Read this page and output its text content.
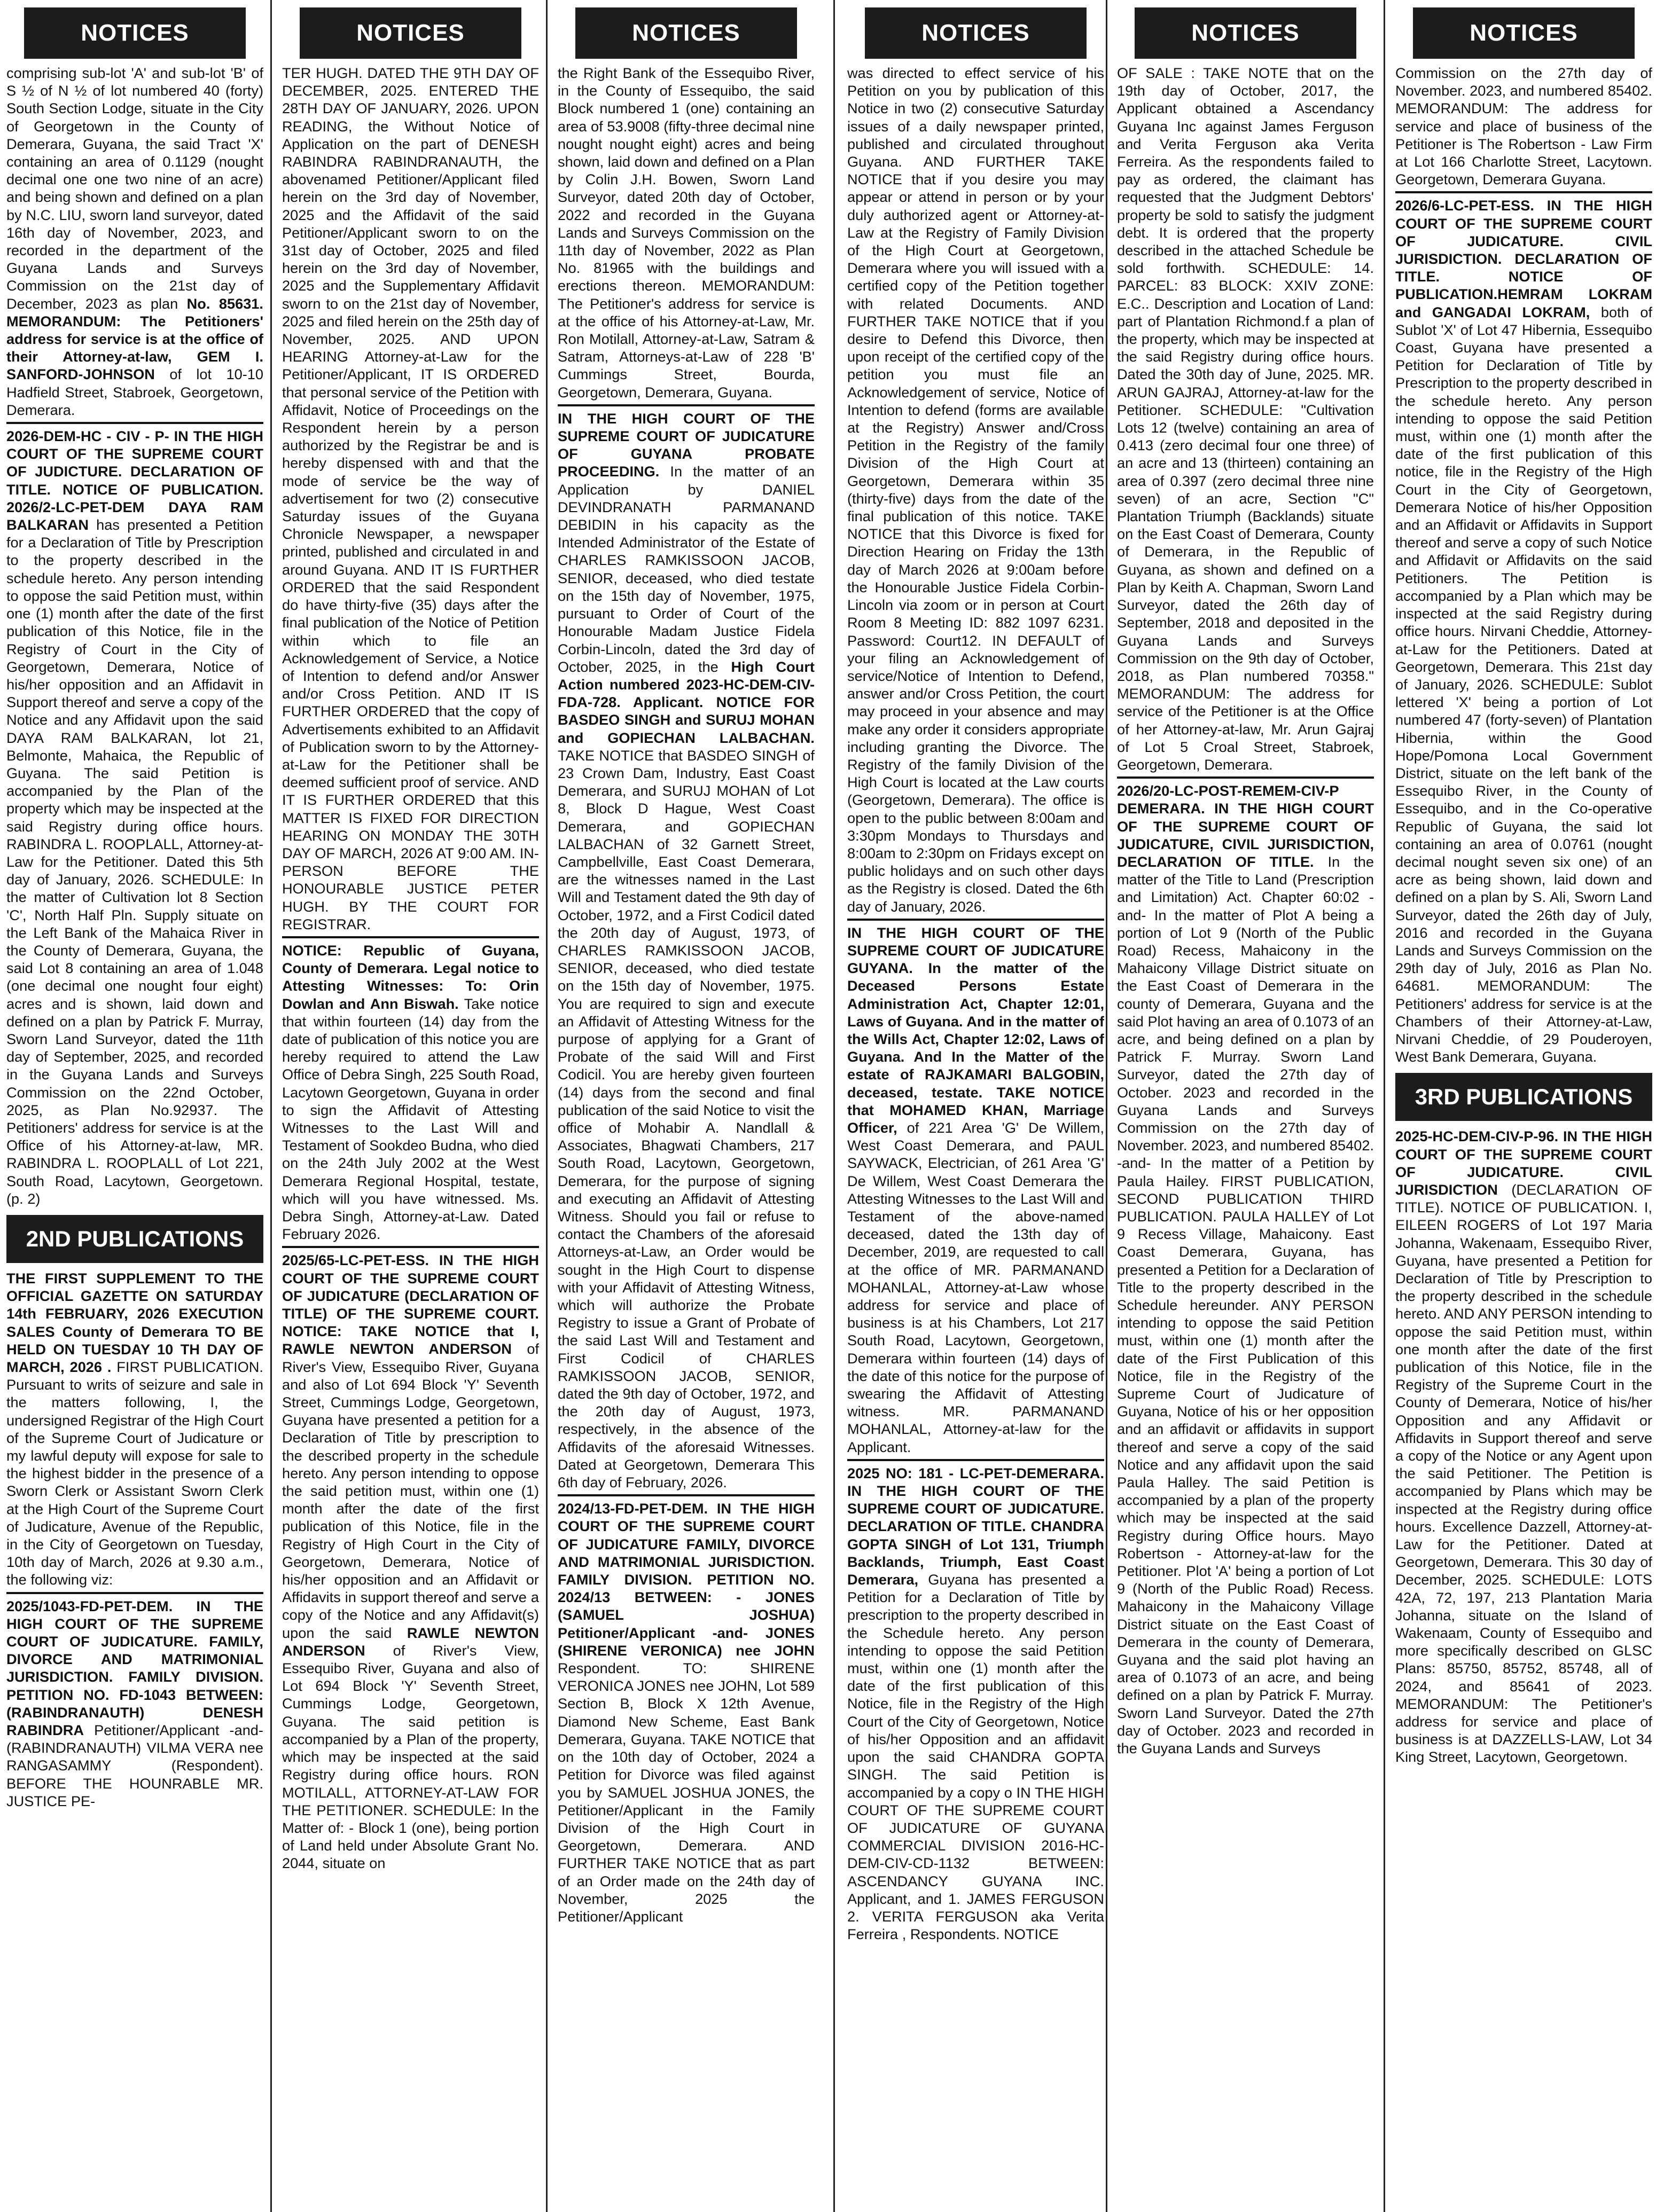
NOTICES

comprising sub-lot 'A' and sub-lot 'B' of S ½ of N ½ of lot numbered 40 (forty) South Section Lodge, situate in the City of Georgetown in the County of Demerara, Guyana, the said Tract 'X' containing an area of 0.1129 (nought decimal one one two nine of an acre) and being shown and defined on a plan by N.C. LIU, sworn land surveyor, dated 16th day of November, 2023, and recorded in the department of the Guyana Lands and Surveys Commission on the 21st day of December, 2023 as plan No. 85631. MEMORANDUM: The Petitioners' address for service is at the office of their Attorney-at-law, GEM I. SANFORD-JOHNSON of lot 10-10 Hadfield Street, Stabroek, Georgetown, Demerara.

2026-DEM-HC - CIV - P- IN THE HIGH COURT OF THE SUPREME COURT OF JUDICTURE. DECLARATION OF TITLE. NOTICE OF PUBLICATION. 2026/2-LC-PET-DEM DAYA RAM BALKARAN has presented a Petition for a Declaration of Title by Prescription to the property described in the schedule hereto. Any person intending to oppose the said Petition must, within one (1) month after the date of the first publication of this Notice, file in the Registry of Court in the City of Georgetown, Demerara, Notice of his/her opposition and an Affidavit in Support thereof and serve a copy of the Notice and any Affidavit upon the said DAYA RAM BALKARAN, lot 21, Belmonte, Mahaica, the Republic of Guyana. The said Petition is accompanied by the Plan of the property which may be inspected at the said Registry during office hours. RABINDRA L. ROOPLALL, Attorney-at-Law for the Petitioner. Dated this 5th day of January, 2026. SCHEDULE: In the matter of Cultivation lot 8 Section 'C', North Half Pln. Supply situate on the Left Bank of the Mahaica River in the County of Demerara, Guyana, the said Lot 8 containing an area of 1.048 (one decimal one nought four eight) acres and is shown, laid down and defined on a plan by Patrick F. Murray, Sworn Land Surveyor, dated the 11th day of September, 2025, and recorded in the Guyana Lands and Surveys Commission on the 22nd October, 2025, as Plan No.92937. The Petitioners' address for service is at the Office of his Attorney-at-law, MR. RABINDRA L. ROOPLALL of Lot 221, South Road, Lacytown, Georgetown. (p. 2)

2ND PUBLICATIONS

THE FIRST SUPPLEMENT TO THE OFFICIAL GAZETTE ON SATURDAY 14th FEBRUARY, 2026 EXECUTION SALES County of Demerara TO BE HELD ON TUESDAY 10 TH DAY OF MARCH, 2026 . FIRST PUBLICATION. Pursuant to writs of seizure and sale in the matters following, I, the undersigned Registrar of the High Court of the Supreme Court of Judicature or my lawful deputy will expose for sale to the highest bidder in the presence of a Sworn Clerk or Assistant Sworn Clerk at the High Court of the Supreme Court of Judicature, Avenue of the Republic, in the City of Georgetown on Tuesday, 10th day of March, 2026 at 9.30 a.m., the following viz:

2025/1043-FD-PET-DEM. IN THE HIGH COURT OF THE SUPREME COURT OF JUDICATURE. FAMILY, DIVORCE AND MATRIMONIAL JURISDICTION. FAMILY DIVISION. PETITION NO. FD-1043 BETWEEN:(RABINDRANAUTH) DENESH RABINDRA Petitioner/Applicant -and- (RABINDRANAUTH) VILMA VERA nee RANGASAMMY (Respondent). BEFORE THE HOUNRABLE MR. JUSTICE PE-

NOTICES

TER HUGH. DATED THE 9TH DAY OF DECEMBER, 2025. ENTERED THE 28TH DAY OF JANUARY, 2026. UPON READING, the Without Notice of Application on the part of DENESH RABINDRA RABINDRANAUTH, the abovenamed Petitioner/Applicant filed herein on the 3rd day of November, 2025 and the Affidavit of the said Petitioner/Applicant sworn to on the 31st day of October, 2025 and filed herein on the 3rd day of November, 2025 and the Supplementary Affidavit sworn to on the 21st day of November, 2025 and filed herein on the 25th day of November, 2025. AND UPON HEARING Attorney-at-Law for the Petitioner/Applicant, IT IS ORDERED that personal service of the Petition with Affidavit, Notice of Proceedings on the Respondent herein by a person authorized by the Registrar be and is hereby dispensed with and that the mode of service be the way of advertisement for two (2) consecutive Saturday issues of the Guyana Chronicle Newspaper, a newspaper printed, published and circulated in and around Guyana. AND IT IS FURTHER ORDERED that the said Respondent do have thirty-five (35) days after the final publication of the Notice of Petition within which to file an Acknowledgement of Service, a Notice of Intention to defend and/or Answer and/or Cross Petition. AND IT IS FURTHER ORDERED that the copy of Advertisements exhibited to an Affidavit of Publication sworn to by the Attorney-at-Law for the Petitioner shall be deemed sufficient proof of service. AND IT IS FURTHER ORDERED that this MATTER IS FIXED FOR DIRECTION HEARING ON MONDAY THE 30TH DAY OF MARCH, 2026 AT 9:00 AM. IN-PERSON BEFORE THE HONOURABLE JUSTICE PETER HUGH. BY THE COURT FOR REGISTRAR.

NOTICE: Republic of Guyana, County of Demerara. Legal notice to Attesting Witnesses: To: Orin Dowlan and Ann Biswah. Take notice that within fourteen (14) day from the date of publication of this notice you are hereby required to attend the Law Office of Debra Singh, 225 South Road, Lacytown Georgetown, Guyana in order to sign the Affidavit of Attesting Witnesses to the Last Will and Testament of Sookdeo Budna, who died on the 24th July 2002 at the West Demerara Regional Hospital, testate, which will you have witnessed. Ms. Debra Singh, Attorney-at-Law. Dated February 2026.

2025/65-LC-PET-ESS. IN THE HIGH COURT OF THE SUPREME COURT OF JUDICATURE (DECLARATION OF TITLE) OF THE SUPREME COURT. NOTICE: TAKE NOTICE that I, RAWLE NEWTON ANDERSON of River's View, Essequibo River, Guyana and also of Lot 694 Block 'Y' Seventh Street, Cummings Lodge, Georgetown, Guyana have presented a petition for a Declaration of Title by prescription to the described property in the schedule hereto. Any person intending to oppose the said petition must, within one (1) month after the date of the first publication of this Notice, file in the Registry of High Court in the City of Georgetown, Demerara, Notice of his/her opposition and an Affidavit or Affidavits in support thereof and serve a copy of the Notice and any Affidavit(s) upon the said RAWLE NEWTON ANDERSON of River's View, Essequibo River, Guyana and also of Lot 694 Block 'Y' Seventh Street, Cummings Lodge, Georgetown, Guyana. The said petition is accompanied by a Plan of the property, which may be inspected at the said Registry during office hours. RON MOTILALL, ATTORNEY-AT-LAW FOR THE PETITIONER. SCHEDULE: In the Matter of: - Block 1 (one), being portion of Land held under Absolute Grant No. 2044, situate on

NOTICES

the Right Bank of the Essequibo River, in the County of Essequibo, the said Block numbered 1 (one) containing an area of 53.9008 (fifty-three decimal nine nought nought eight) acres and being shown, laid down and defined on a Plan by Colin J.H. Bowen, Sworn Land Surveyor, dated 20th day of October, 2022 and recorded in the Guyana Lands and Surveys Commission on the 11th day of November, 2022 as Plan No. 81965 with the buildings and erections thereon. MEMORANDUM: The Petitioner's address for service is at the office of his Attorney-at-Law, Mr. Ron Motilall, Attorney-at-Law, Satram & Satram, Attorneys-at-Law of 228 'B' Cummings Street, Bourda, Georgetown, Demerara, Guyana.

IN THE HIGH COURT OF THE SUPREME COURT OF JUDICATURE OF GUYANA PROBATE PROCEEDING. In the matter of an Application by DANIEL DEVINDRANATH PARMANAND DEBIDIN in his capacity as the Intended Administrator of the Estate of CHARLES RAMKISSOON JACOB, SENIOR, deceased, who died testate on the 15th day of November, 1975, pursuant to Order of Court of the Honourable Madam Justice Fidela Corbin-Lincoln, dated the 3rd day of October, 2025, in the High Court Action numbered 2023-HC-DEM-CIV-FDA-728. Applicant. NOTICE FOR BASDEO SINGH and SURUJ MOHAN and GOPIECHAN LALBACHAN. TAKE NOTICE that BASDEO SINGH of 23 Crown Dam, Industry, East Coast Demerara, and SURUJ MOHAN of Lot 8, Block D Hague, West Coast Demerara, and GOPIECHAN LALBACHAN of 32 Garnett Street, Campbellville, East Coast Demerara, are the witnesses named in the Last Will and Testament dated the 9th day of October, 1972, and a First Codicil dated the 20th day of August, 1973, of CHARLES RAMKISSOON JACOB, SENIOR, deceased, who died testate on the 15th day of November, 1975. You are required to sign and execute an Affidavit of Attesting Witness for the purpose of applying for a Grant of Probate of the said Will and First Codicil. You are hereby given fourteen (14) days from the second and final publication of the said Notice to visit the office of Mohabir A. Nandlall & Associates, Bhagwati Chambers, 217 South Road, Lacytown, Georgetown, Demerara, for the purpose of signing and executing an Affidavit of Attesting Witness. Should you fail or refuse to contact the Chambers of the aforesaid Attorneys-at-Law, an Order would be sought in the High Court to dispense with your Affidavit of Attesting Witness, which will authorize the Probate Registry to issue a Grant of Probate of the said Last Will and Testament and First Codicil of CHARLES RAMKISSOON JACOB, SENIOR, dated the 9th day of October, 1972, and the 20th day of August, 1973, respectively, in the absence of the Affidavits of the aforesaid Witnesses. Dated at Georgetown, Demerara This 6th day of February, 2026.

2024/13-FD-PET-DEM. IN THE HIGH COURT OF THE SUPREME COURT OF JUDICATURE FAMILY, DIVORCE AND MATRIMONIAL JURISDICTION. FAMILY DIVISION. PETITION NO. 2024/13 BETWEEN: - JONES (SAMUEL JOSHUA) Petitioner/Applicant -and- JONES (SHIRENE VERONICA) nee JOHN Respondent. TO: SHIRENE VERONICA JONES nee JOHN, Lot 589 Section B, Block X 12th Avenue, Diamond New Scheme, East Bank Demerara, Guyana. TAKE NOTICE that on the 10th day of October, 2024 a Petition for Divorce was filed against you by SAMUEL JOSHUA JONES, the Petitioner/Applicant in the Family Division of the High Court in Georgetown, Demerara. AND FURTHER TAKE NOTICE that as part of an Order made on the 24th day of November, 2025 the Petitioner/Applicant

NOTICES

was directed to effect service of his Petition on you by publication of this Notice in two (2) consecutive Saturday issues of a daily newspaper printed, published and circulated throughout Guyana. AND FURTHER TAKE NOTICE that if you desire you may appear or attend in person or by your duly authorized agent or Attorney-at-Law at the Registry of Family Division of the High Court at Georgetown, Demerara where you will issued with a certified copy of the Petition together with related Documents. AND FURTHER TAKE NOTICE that if you desire to Defend this Divorce, then upon receipt of the certified copy of the petition you must file an Acknowledgement of service, Notice of Intention to defend (forms are available at the Registry) Answer and/Cross Petition in the Registry of the family Division of the High Court at Georgetown, Demerara within 35 (thirty-five) days from the date of the final publication of this notice. TAKE NOTICE that this Divorce is fixed for Direction Hearing on Friday the 13th day of March 2026 at 9:00am before the Honourable Justice Fidela Corbin-Lincoln via zoom or in person at Court Room 8 Meeting ID: 882 1097 6231. Password: Court12. IN DEFAULT of your filing an Acknowledgement of service/Notice of Intention to Defend, answer and/or Cross Petition, the court may proceed in your absence and may make any order it considers appropriate including granting the Divorce. The Registry of the family Division of the High Court is located at the Law courts (Georgetown, Demerara). The office is open to the public between 8:00am and 3:30pm Mondays to Thursdays and 8:00am to 2:30pm on Fridays except on public holidays and on such other days as the Registry is closed. Dated the 6th day of January, 2026.

IN THE HIGH COURT OF THE SUPREME COURT OF JUDICATURE GUYANA. In the matter of the Deceased Persons Estate Administration Act, Chapter 12:01, Laws of Guyana. And in the matter of the Wills Act, Chapter 12:02, Laws of Guyana. And In the Matter of the estate of RAJKAMARI BALGOBIN, deceased, testate. TAKE NOTICE that MOHAMED KHAN, Marriage Officer, of 221 Area 'G' De Willem, West Coast Demerara, and PAUL SAYWACK, Electrician, of 261 Area 'G' De Willem, West Coast Demerara the Attesting Witnesses to the Last Will and Testament of the above-named deceased, dated the 13th day of December, 2019, are requested to call at the office of MR. PARMANAND MOHANLAL, Attorney-at-Law whose address for service and place of business is at his Chambers, Lot 217 South Road, Lacytown, Georgetown, Demerara within fourteen (14) days of the date of this notice for the purpose of swearing the Affidavit of Attesting witness. MR. PARMANAND MOHANLAL, Attorney-at-law for the Applicant.

2025 NO: 181 - LC-PET-DEMERARA. IN THE HIGH COURT OF THE SUPREME COURT OF JUDICATURE. DECLARATION OF TITLE. CHANDRA GOPTA SINGH of Lot 131, Triumph Backlands, Triumph, East Coast Demerara, Guyana has presented a Petition for a Declaration of Title by prescription to the property described in the Schedule hereto. Any person intending to oppose the said Petition must, within one (1) month after the date of the first publication of this Notice, file in the Registry of the High Court of the City of Georgetown, Notice of his/her Opposition and an affidavit upon the said CHANDRA GOPTA SINGH. The said Petition is accompanied by a copy o IN THE HIGH COURT OF THE SUPREME COURT OF JUDICATURE OF GUYANA COMMERCIAL DIVISION 2016-HC-DEM-CIV-CD-1132 BETWEEN: ASCENDANCY GUYANA INC. Applicant, and 1. JAMES FERGUSON 2. VERITA FERGUSON aka Verita Ferreira , Respondents. NOTICE

NOTICES

OF SALE : TAKE NOTE that on the 19th day of October, 2017, the Applicant obtained a Ascendancy Guyana Inc against James Ferguson and Verita Ferguson aka Verita Ferreira. As the respondents failed to pay as ordered, the claimant has requested that the Judgment Debtors' property be sold to satisfy the judgment debt. It is ordered that the property described in the attached Schedule be sold forthwith. SCHEDULE: 14. PARCEL: 83 BLOCK: XXIV ZONE: E.C.. Description and Location of Land: part of Plantation Richmond.f a plan of the property, which may be inspected at the said Registry during office hours. Dated the 30th day of June, 2025. MR. ARUN GAJRAJ, Attorney-at-law for the Petitioner. SCHEDULE: "Cultivation Lots 12 (twelve) containing an area of 0.413 (zero decimal four one three) of an acre and 13 (thirteen) containing an area of 0.397 (zero decimal three nine seven) of an acre, Section "C" Plantation Triumph (Backlands) situate on the East Coast of Demerara, County of Demerara, in the Republic of Guyana, as shown and defined on a Plan by Keith A. Chapman, Sworn Land Surveyor, dated the 26th day of September, 2018 and deposited in the Guyana Lands and Surveys Commission on the 9th day of October, 2018, as Plan numbered 70358." MEMORANDUM: The address for service of the Petitioner is at the Office of her Attorney-at-law, Mr. Arun Gajraj of Lot 5 Croal Street, Stabroek, Georgetown, Demerara.

2026/20-LC-POST-REMEM-CIV-P DEMERARA. IN THE HIGH COURT OF THE SUPREME COURT OF JUDICATURE, CIVIL JURISDICTION, DECLARATION OF TITLE. In the matter of the Title to Land (Prescription and Limitation) Act. Chapter 60:02 -and- In the matter of Plot A being a portion of Lot 9 (North of the Public Road) Recess, Mahaicony in the Mahaicony Village District situate on the East Coast of Demerara in the county of Demerara, Guyana and the said Plot having an area of 0.1073 of an acre, and being defined on a plan by Patrick F. Murray. Sworn Land Surveyor, dated the 27th day of October. 2023 and recorded in the Guyana Lands and Surveys Commission on the 27th day of November. 2023, and numbered 85402. -and- In the matter of a Petition by Paula Hailey. FIRST PUBLICATION, SECOND PUBLICATION THIRD PUBLICATION. PAULA HALLEY of Lot 9 Recess Village, Mahaicony. East Coast Demerara, Guyana, has presented a Petition for a Declaration of Title to the property described in the Schedule hereunder. ANY PERSON intending to oppose the said Petition must, within one (1) month after the date of the First Publication of this Notice, file in the Registry of the Supreme Court of Judicature of Guyana, Notice of his or her opposition and an affidavit or affidavits in support thereof and serve a copy of the said Notice and any affidavit upon the said Paula Halley. The said Petition is accompanied by a plan of the property which may be inspected at the said Registry during Office hours. Mayo Robertson - Attorney-at-law for the Petitioner. Plot 'A' being a portion of Lot 9 (North of the Public Road) Recess. Mahaicony in the Mahaicony Village District situate on the East Coast of Demerara in the county of Demerara, Guyana and the said plot having an area of 0.1073 of an acre, and being defined on a plan by Patrick F. Murray. Sworn Land Surveyor. Dated the 27th day of October. 2023 and recorded in the Guyana Lands and Surveys

NOTICES

Commission on the 27th day of November. 2023, and numbered 85402. MEMORANDUM: The address for service and place of business of the Petitioner is The Robertson - Law Firm at Lot 166 Charlotte Street, Lacytown. Georgetown, Demerara Guyana.

2026/6-LC-PET-ESS. IN THE HIGH COURT OF THE SUPREME COURT OF JUDICATURE. CIVIL JURISDICTION. DECLARATION OF TITLE. NOTICE OF PUBLICATION.HEMRAM LOKRAM and GANGADAI LOKRAM, both of Sublot 'X' of Lot 47 Hibernia, Essequibo Coast, Guyana have presented a Petition for Declaration of Title by Prescription to the property described in the schedule hereto. Any person intending to oppose the said Petition must, within one (1) month after the date of the first publication of this notice, file in the Registry of the High Court in the City of Georgetown, Demerara Notice of his/her Opposition and an Affidavit or Affidavits in Support thereof and serve a copy of such Notice and Affidavit or Affidavits on the said Petitioners. The Petition is accompanied by a Plan which may be inspected at the said Registry during office hours. Nirvani Cheddie, Attorney-at-Law for the Petitioners. Dated at Georgetown, Demerara. This 21st day of January, 2026. SCHEDULE: Sublot lettered 'X' being a portion of Lot numbered 47 (forty-seven) of Plantation Hibernia, within the Good Hope/Pomona Local Government District, situate on the left bank of the Essequibo River, in the County of Essequibo, and in the Co-operative Republic of Guyana, the said lot containing an area of 0.0761 (nought decimal nought seven six one) of an acre as being shown, laid down and defined on a plan by S. Ali, Sworn Land Surveyor, dated the 26th day of July, 2016 and recorded in the Guyana Lands and Surveys Commission on the 29th day of July, 2016 as Plan No. 64681. MEMORANDUM: The Petitioners' address for service is at the Chambers of their Attorney-at-Law, Nirvani Cheddie, of 29 Pouderoyen, West Bank Demerara, Guyana.

3RD PUBLICATIONS

2025-HC-DEM-CIV-P-96. IN THE HIGH COURT OF THE SUPREME COURT OF JUDICATURE. CIVIL JURISDICTION (DECLARATION OF TITLE). NOTICE OF PUBLICATION. I, EILEEN ROGERS of Lot 197 Maria Johanna, Wakenaam, Essequibo River, Guyana, have presented a Petition for Declaration of Title by Prescription to the property described in the schedule hereto. AND ANY PERSON intending to oppose the said Petition must, within one month after the date of the first publication of this Notice, file in the Registry of the Supreme Court in the County of Demerara, Notice of his/her Opposition and any Affidavit or Affidavits in Support thereof and serve a copy of the Notice or any Agent upon the said Petitioner. The Petition is accompanied by Plans which may be inspected at the Registry during office hours. Excellence Dazzell, Attorney-at-Law for the Petitioner. Dated at Georgetown, Demerara. This 30 day of December, 2025. SCHEDULE: LOTS 42A, 72, 197, 213 Plantation Maria Johanna, situate on the Island of Wakenaam, County of Essequibo and more specifically described on GLSC Plans: 85750, 85752, 85748, all of 2024, and 85641 of 2023. MEMORANDUM: The Petitioner's address for service and place of business is at DAZZELLS-LAW, Lot 34 King Street, Lacytown, Georgetown.
